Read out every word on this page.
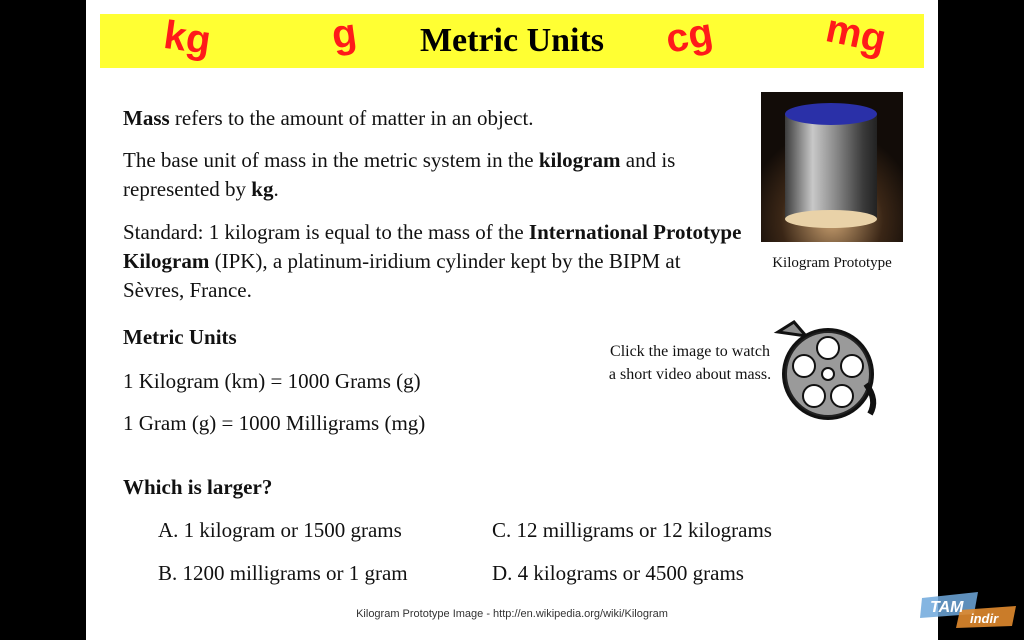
Metric Units
kg	g	cg	mg
Mass refers to the amount of matter in an object.
The base unit of mass in the metric system in the kilogram and is represented by kg.
Standard: 1 kilogram is equal to the mass of the International Prototype Kilogram (IPK), a platinum-iridium cylinder kept by the BIPM at Sèvres, France.
Kilogram Prototype
Metric Units
1 Kilogram (km) = 1000 Grams (g)
1 Gram (g) = 1000 Milligrams (mg)
Click the image to watch a short video about mass.
Which is larger?
A. 1 kilogram or 1500 grams
B. 1200 milligrams or 1 gram
C. 12 milligrams or 12 kilograms
D. 4 kilograms or 4500 grams
Kilogram Prototype Image - http://en.wikipedia.org/wiki/Kilogram	TAM
indir
